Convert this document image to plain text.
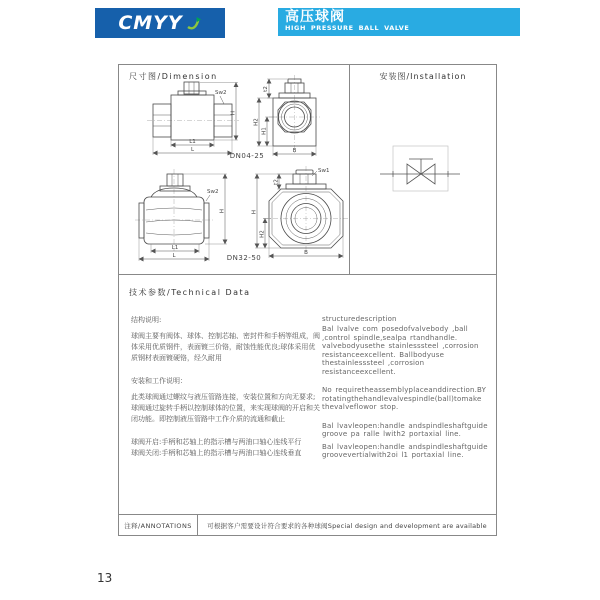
CMYY	高压球阀
HIGH PRESSURE BALL VALVE
尺寸图/Dimension
Sw2
H
L1
L
t2
H2
H1
B
Sw2
H
L1
L
Sw1
t2
H
H2
B
DN04-25
DN32-50
安装图/Installation
技术参数/Technical Data

结构说明:

球阀主要有阀体、球体、控制芯轴、密封件和手柄等组成，阀体采用优质钢件，表面镀三价铬，耐蚀性能优良;球体采用优质钢材表面镀硬铬，经久耐用

安装和工作说明：

此类球阀通过螺纹与液压管路连接，安装位置和方向无要求;球阀通过旋转手柄以控制球体的位置，来实现球阀的开启和关闭功能。即控制液压管路中工作介质的流通和截止

球阀开启:手柄和芯轴上的指示槽与两油口轴心连线平行

球阀关闭:手柄和芯轴上的指示槽与两油口轴心连线垂直

structuredescription

Bal lvalve com posedofvalvebody ,ball ,control spindle,sealpa rtandhandle. valvebodyusethe stainlesssteel ,corrosion resistanceexcellent. Ballbodyuse thestainlesssteel ,corrosion resistanceexcellent.

No requiretheassemblyplaceanddirection.BY rotatingthehandlevalvespindle(ball)tomake thevalveflowor stop.

Bal lvavleopen:handle andspindleshaftguide groove pa ralle lwith2 portaxial line.

Bal lvavleopen:handle andspindleshaftguide groovevertialwith2oi l1 portaxial line.

注释/ANNOTATIONS	可根据客户需要设计符合要求的各种球阀Special design and development are available
13
